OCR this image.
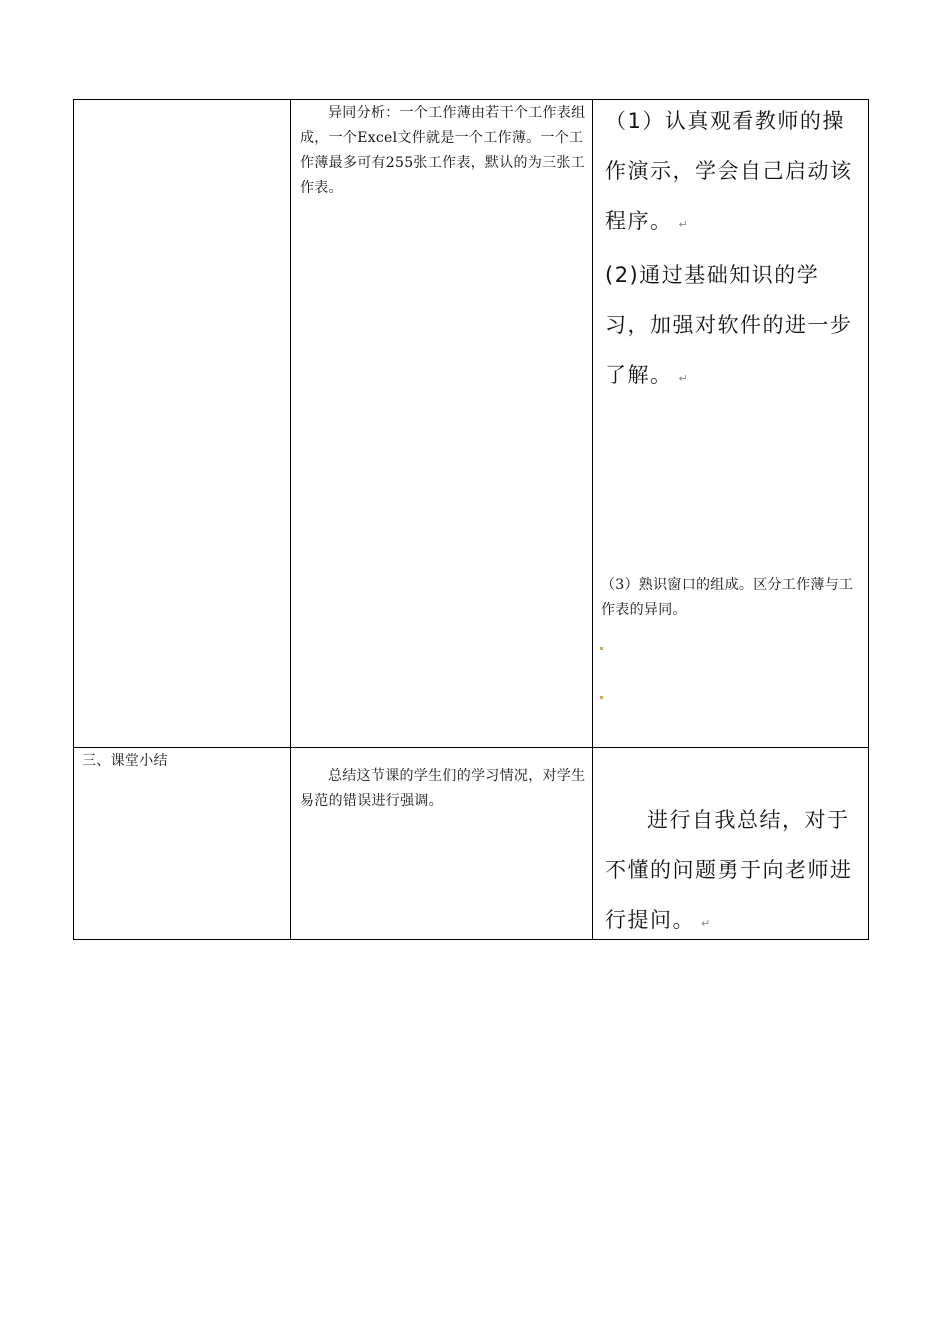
异同分析：一个工作薄由若干个工作表组成，一个Excel文件就是一个工作薄。一个工作薄最多可有255张工作表，默认的为三张工作表。
（1）认真观看教师的操作演示，学会自己启动该程序。 ↵
(2)通过基础知识的学习，加强对软件的进一步了解。 ↵
（3）熟识窗口的组成。区分工作薄与工作表的异同。
三、课堂小结
总结这节课的学生们的学习情况，对学生易范的错误进行强调。
进行自我总结，对于不懂的问题勇于向老师进行提问。 ↵
